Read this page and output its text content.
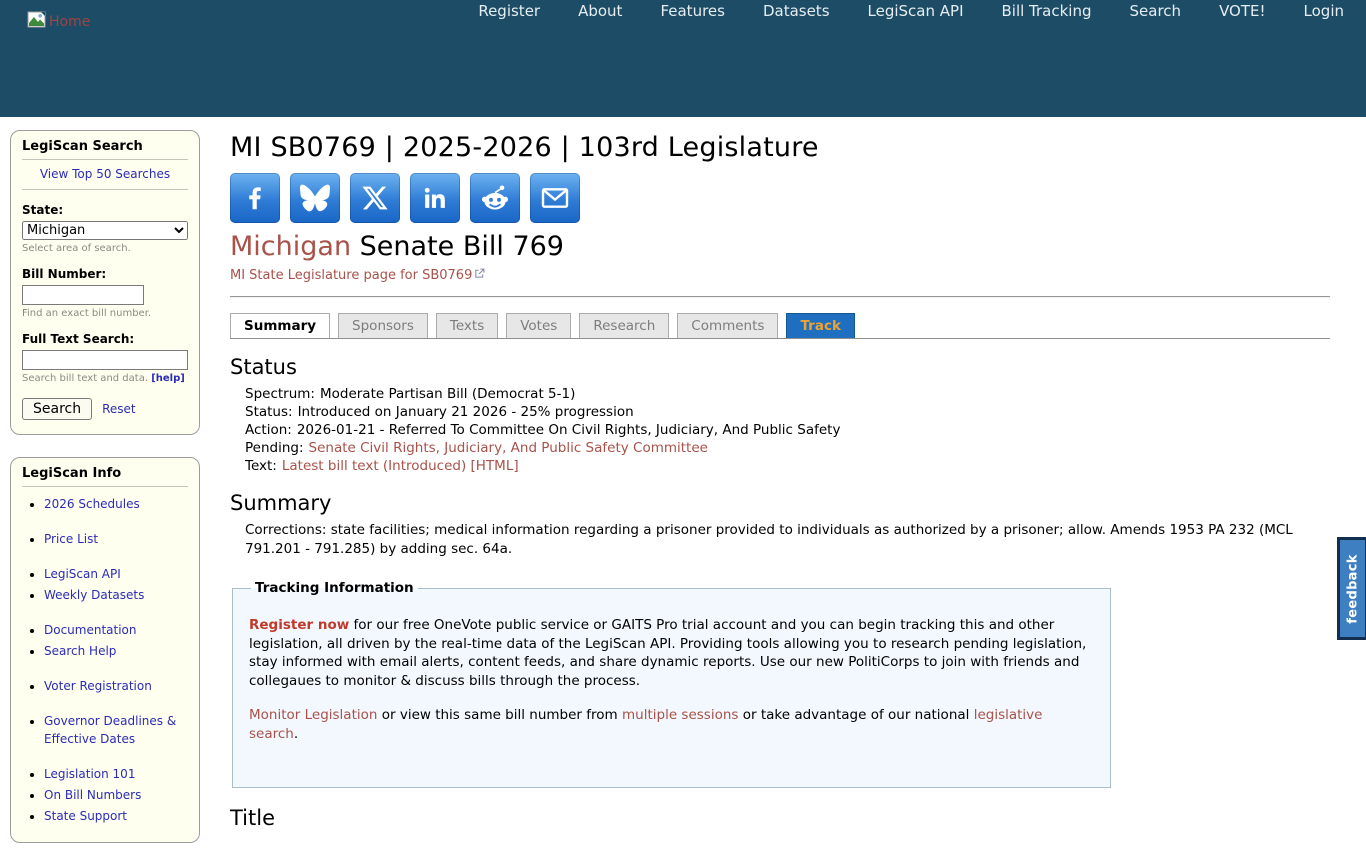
Home
Register	About	Features	Datasets	LegiScan API	Bill Tracking	Search	VOTE!	Login
LegiScan Search
View Top 50 Searches
State:
Michigan
Select area of search.
Bill Number:
Find an exact bill number.
Full Text Search:
Search bill text and data. [help]
Search	Reset
LegiScan Info
• 2026 Schedules
• Price List
• LegiScan API
• Weekly Datasets
• Documentation
• Search Help
• Voter Registration
• Governor Deadlines & Effective Dates
• Legislation 101
• On Bill Numbers
• State Support
MI SB0769 | 2025-2026 | 103rd Legislature
Michigan Senate Bill 769
MI State Legislature page for SB0769
Summary	Sponsors	Texts	Votes	Research	Comments	Track
Status
Spectrum: Moderate Partisan Bill (Democrat 5-1)
Status: Introduced on January 21 2026 - 25% progression
Action: 2026-01-21 - Referred To Committee On Civil Rights, Judiciary, And Public Safety
Pending: Senate Civil Rights, Judiciary, And Public Safety Committee
Text: Latest bill text (Introduced) [HTML]
Summary

Corrections: state facilities; medical information regarding a prisoner provided to individuals as authorized by a prisoner; allow. Amends 1953 PA 232 (MCL 791.201 - 791.285) by adding sec. 64a.

Tracking Information

Register now for our free OneVote public service or GAITS Pro trial account and you can begin tracking this and other legislation, all driven by the real-time data of the LegiScan API. Providing tools allowing you to research pending legislation, stay informed with email alerts, content feeds, and share dynamic reports. Use our new PolitiCorps to join with friends and collegaues to monitor & discuss bills through the process.

Monitor Legislation or view this same bill number from multiple sessions or take advantage of our national legislative search.

Title
feedback
